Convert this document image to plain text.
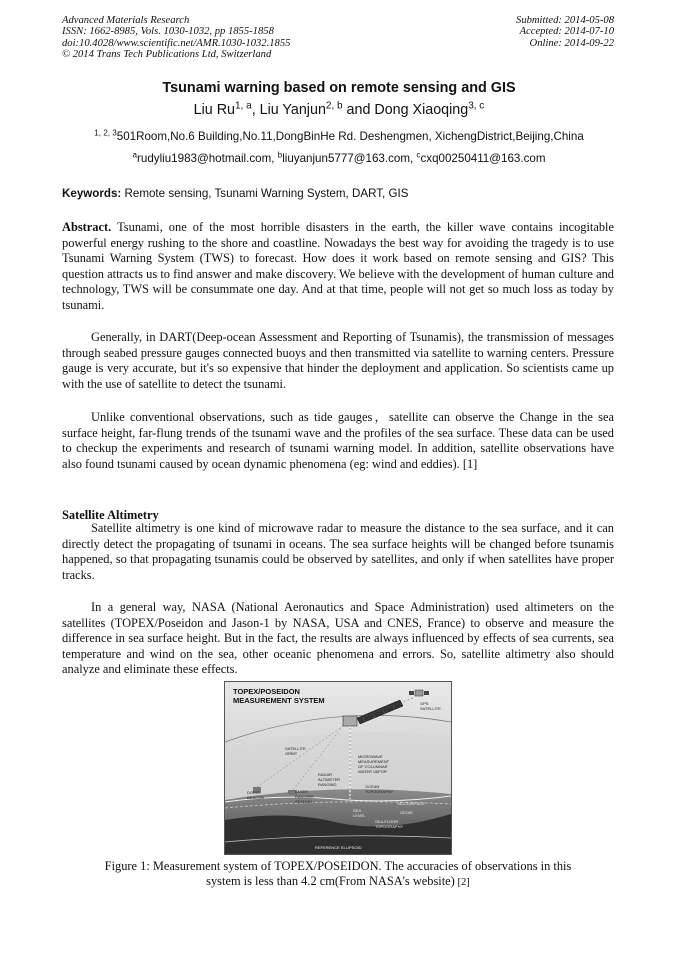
Advanced Materials Research
ISSN: 1662-8985, Vols. 1030-1032, pp 1855-1858
doi:10.4028/www.scientific.net/AMR.1030-1032.1855
© 2014 Trans Tech Publications Ltd, Switzerland
Submitted: 2014-05-08
Accepted: 2014-07-10
Online: 2014-09-22
Tsunami warning based on remote sensing and GIS
Liu Ru$^{1, a}$, Liu Yanjun$^{2, b}$ and Dong Xiaoqing$^{3, c}$
$^{1, 2, 3}$501Room,No.6 Building,No.11,DongBinHe Rd. Deshengmen, XichengDistrict,Beijing,China
$^a$rudyliu1983@hotmail.com, $^b$liuyanjun5777@163.com, $^c$cxq00250411@163.com
Keywords: Remote sensing, Tsunami Warning System, DART, GIS
Abstract. Tsunami, one of the most horrible disasters in the earth, the killer wave contains incogitable powerful energy rushing to the shore and coastline. Nowadays the best way for avoiding the tragedy is to use Tsunami Warning System (TWS) to forecast. How does it work based on remote sensing and GIS? This question attracts us to find answer and make discovery. We believe with the development of human culture and technology, TWS will be consummate one day. And at that time, people will not get so much loss as today by tsunami.
Generally, in DART(Deep-ocean Assessment and Reporting of Tsunamis), the transmission of messages through seabed pressure gauges connected buoys and then transmitted via satellite to warning centers. Pressure gauge is very accurate, but it's so expensive that hinder the deployment and application. So scientists came up with the use of satellite to detect the tsunami.
Unlike conventional observations, such as tide gauges，satellite can observe the Change in the sea surface height, far-flung trends of the tsunami wave and the profiles of the sea surface. These data can be used to checkup the experiments and research of tsunami warning model. In addition, satellite observations have also found tsunami caused by ocean dynamic phenomena (eg: wind and eddies). [1]
Satellite Altimetry
Satellite altimetry is one kind of microwave radar to measure the distance to the sea surface, and it can directly detect the propagating of tsunami in oceans. The sea surface heights will be changed before tsunamis happened, so that propagating tsunamis could be observed by satellites, and only if when satellites have proper tracks.
In a general way, NASA (National Aeronautics and Space Administration) used altimeters on the satellites (TOPEX/Poseidon and Jason-1 by NASA, USA and CNES, France) to observe and measure the difference in sea surface height. But in the fact, the results are always influenced by effects of sea currents, sea temperature and wind on the sea, other oceanic phenomena and errors. So, satellite altimetry also should analyze and eliminate these effects.
TOPEX/POSEIDON
MEASUREMENT SYSTEM	GPS
SATELLITE
SATELLITE
ORBIT
MICROWAVE
MEASUREMENT
OF COLUMNAR
WATER VAPOR
RADAR
ALTIMETER
RANGING
DORIS
BEACON
LASER
RANGING
STATION
OCEAN
TOPOGRAPHY
SEA SURFACE
GEOID
SEA
LEVEL
SEA-FLOOR
TOPOGRAPHY
REFERENCE ELLIPSOID
Figure 1: Measurement system of TOPEX/POSEIDON. The accuracies of observations in this
system is less than 4.2 cm(From NASA's website) [2]
